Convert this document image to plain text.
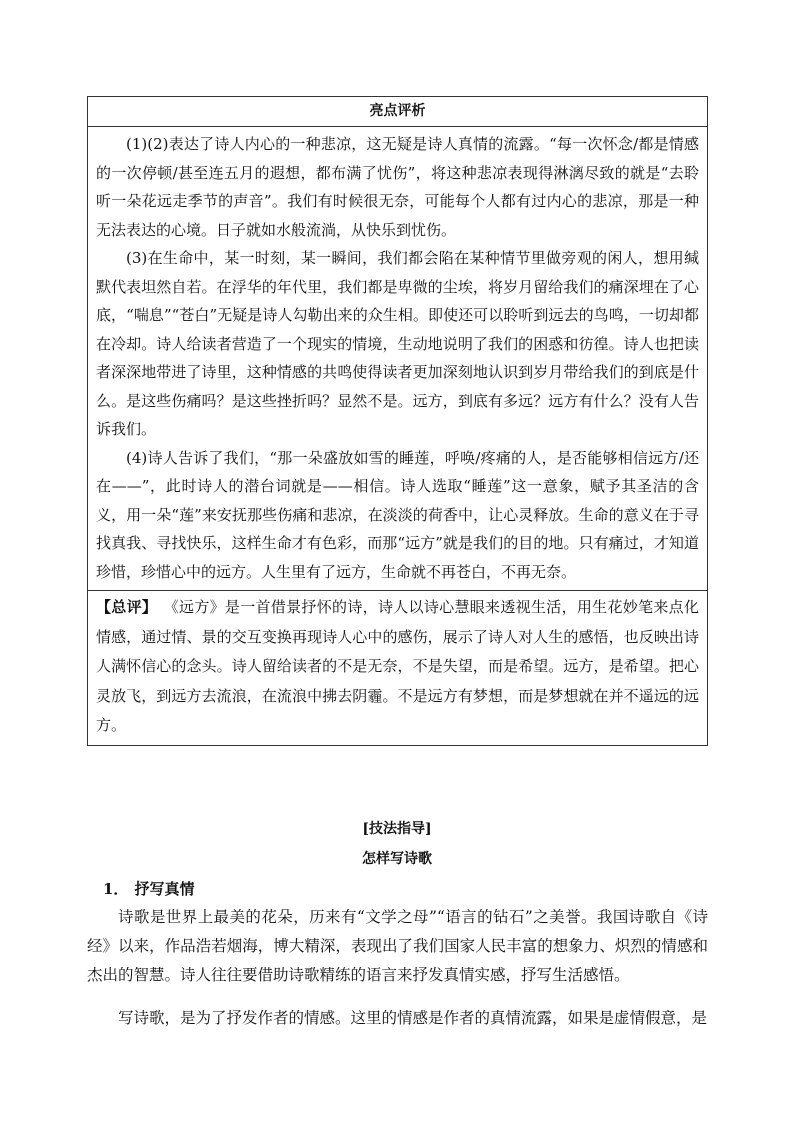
亮点评析

(1)(2)表达了诗人内心的一种悲凉，这无疑是诗人真情的流露。“每一次怀念/都是情感的一次停顿/甚至连五月的遐想，都布满了忧伤”，将这种悲凉表现得淋漓尽致的就是“去聆听一朵花远走季节的声音”。我们有时候很无奈，可能每个人都有过内心的悲凉，那是一种无法表达的心境。日子就如水般流淌，从快乐到忧伤。

(3)在生命中，某一时刻，某一瞬间，我们都会陷在某种情节里做旁观的闲人，想用缄默代表坦然自若。在浮华的年代里，我们都是卑微的尘埃，将岁月留给我们的痛深埋在了心底，“喘息”“苍白”无疑是诗人勾勒出来的众生相。即使还可以聆听到远去的鸟鸣，一切却都在冷却。诗人给读者营造了一个现实的情境，生动地说明了我们的困惑和彷徨。诗人也把读者深深地带进了诗里，这种情感的共鸣使得读者更加深刻地认识到岁月带给我们的到底是什么。是这些伤痛吗？是这些挫折吗？显然不是。远方，到底有多远？远方有什么？没有人告诉我们。

(4)诗人告诉了我们，“那一朵盛放如雪的睡莲，呼唤/疼痛的人，是否能够相信远方/还在——”，此时诗人的潜台词就是——相信。诗人选取“睡莲”这一意象，赋予其圣洁的含义，用一朵“莲”来安抚那些伤痛和悲凉，在淡淡的荷香中，让心灵释放。生命的意义在于寻找真我、寻找快乐，这样生命才有色彩，而那“远方”就是我们的目的地。只有痛过，才知道珍惜，珍惜心中的远方。人生里有了远方，生命就不再苍白，不再无奈。

【总评】 《远方》是一首借景抒怀的诗，诗人以诗心慧眼来透视生活，用生花妙笔来点化情感，通过情、景的交互变换再现诗人心中的感伤，展示了诗人对人生的感悟，也反映出诗人满怀信心的念头。诗人留给读者的不是无奈，不是失望，而是希望。远方，是希望。把心灵放飞，到远方去流浪，在流浪中拂去阴霾。不是远方有梦想，而是梦想就在并不遥远的远方。
[技法指导]
怎样写诗歌
1． 抒写真情

诗歌是世界上最美的花朵，历来有“文学之母”“语言的钻石”之美誉。我国诗歌自《诗经》以来，作品浩若烟海，博大精深，表现出了我们国家人民丰富的想象力、炽烈的情感和杰出的智慧。诗人往往要借助诗歌精练的语言来抒发真情实感，抒写生活感悟。

写诗歌，是为了抒发作者的情感。这里的情感是作者的真情流露，如果是虚情假意，是
